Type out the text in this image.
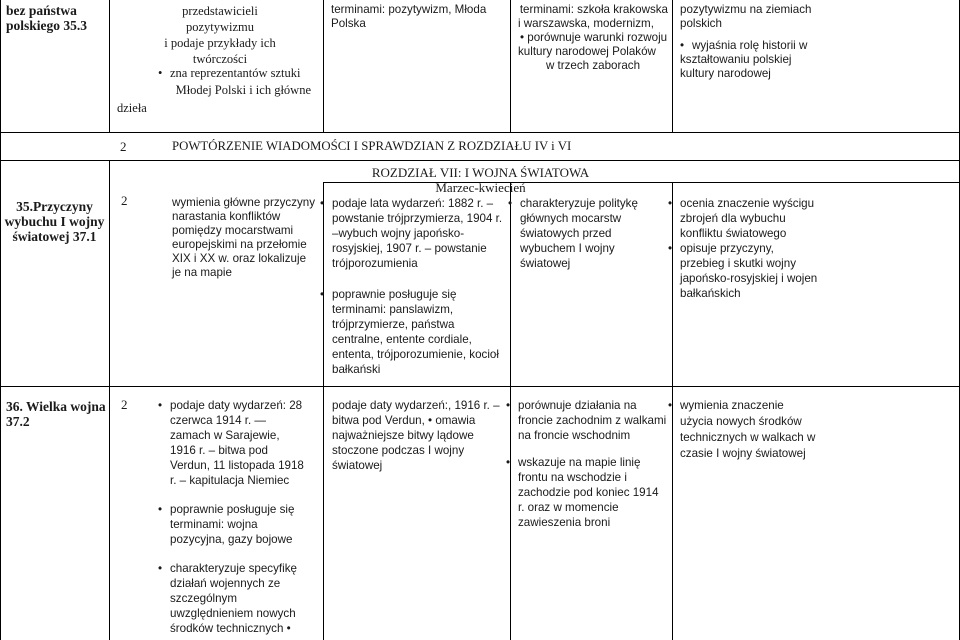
bez państwa polskiego 35.3
przedstawicieli pozytywizmu
i podaje przykłady ich
twórczości
• zna reprezentantów sztuki
Młodej Polski i ich główne
dzieła
terminami: pozytywizm, Młoda Polska
terminami: szkoła krakowska
i warszawska, modernizm,
• porównuje warunki rozwoju
kultury narodowej Polaków
w trzech zaborach
pozytywizmu na ziemiach
polskich
• wyjaśnia rolę historii w
kształtowaniu polskiej
kultury narodowej
2	POWTÓRZENIE WIADOMOŚCI I SPRAWDZIAN Z ROZDZIAŁU IV i VI
ROZDZIAŁ VII: I WOJNA ŚWIATOWA
Marzec-kwiecień
35.Przyczyny wybuchu I wojny światowej 37.1
2	wymienia główne przyczyny narastania konfliktów pomiędzy mocarstwami europejskimi na przełomie XIX i XX w. oraz lokalizuje je na mapie
• podaje lata wydarzeń: 1882 r. – powstanie trójprzymierza, 1904 r. –wybuch wojny japońsko-rosyjskiej, 1907 r. – powstanie trójporozumienia
• poprawnie posługuje się terminami: panslawizm, trójprzymierze, państwa centralne, entente cordiale, ententa, trójporozumienie, kocioł bałkański
• charakteryzuje politykę głównych mocarstw światowych przed wybuchem I wojny światowej
• ocenia znaczenie wyścigu zbrojeń dla wybuchu konfliktu światowego
• opisuje przyczyny, przebieg i skutki wojny japońsko-rosyjskiej i wojen bałkańskich
36. Wielka wojna 37.2
2
•	podaje daty wydarzeń: 28 czerwca 1914 r. — zamach w Sarajewie, 1916 r. – bitwa pod Verdun, 11 listopada 1918 r. – kapitulacja Niemiec
• poprawnie posługuje się terminami: wojna pozycyjna, gazy bojowe
• charakteryzuje specyfikę działań wojennych ze szczególnym uwzględnieniem nowych środków technicznych •
podaje daty wydarzeń:, 1916 r. – bitwa pod Verdun, • omawia najważniejsze bitwy lądowe stoczone podczas I wojny światowej
• porównuje działania na froncie zachodnim z walkami na froncie wschodnim
• wskazuje na mapie linię frontu na wschodzie i zachodzie pod koniec 1914 r. oraz w momencie zawieszenia broni
• wymienia znaczenie użycia nowych środków technicznych w walkach w czasie I wojny światowej
